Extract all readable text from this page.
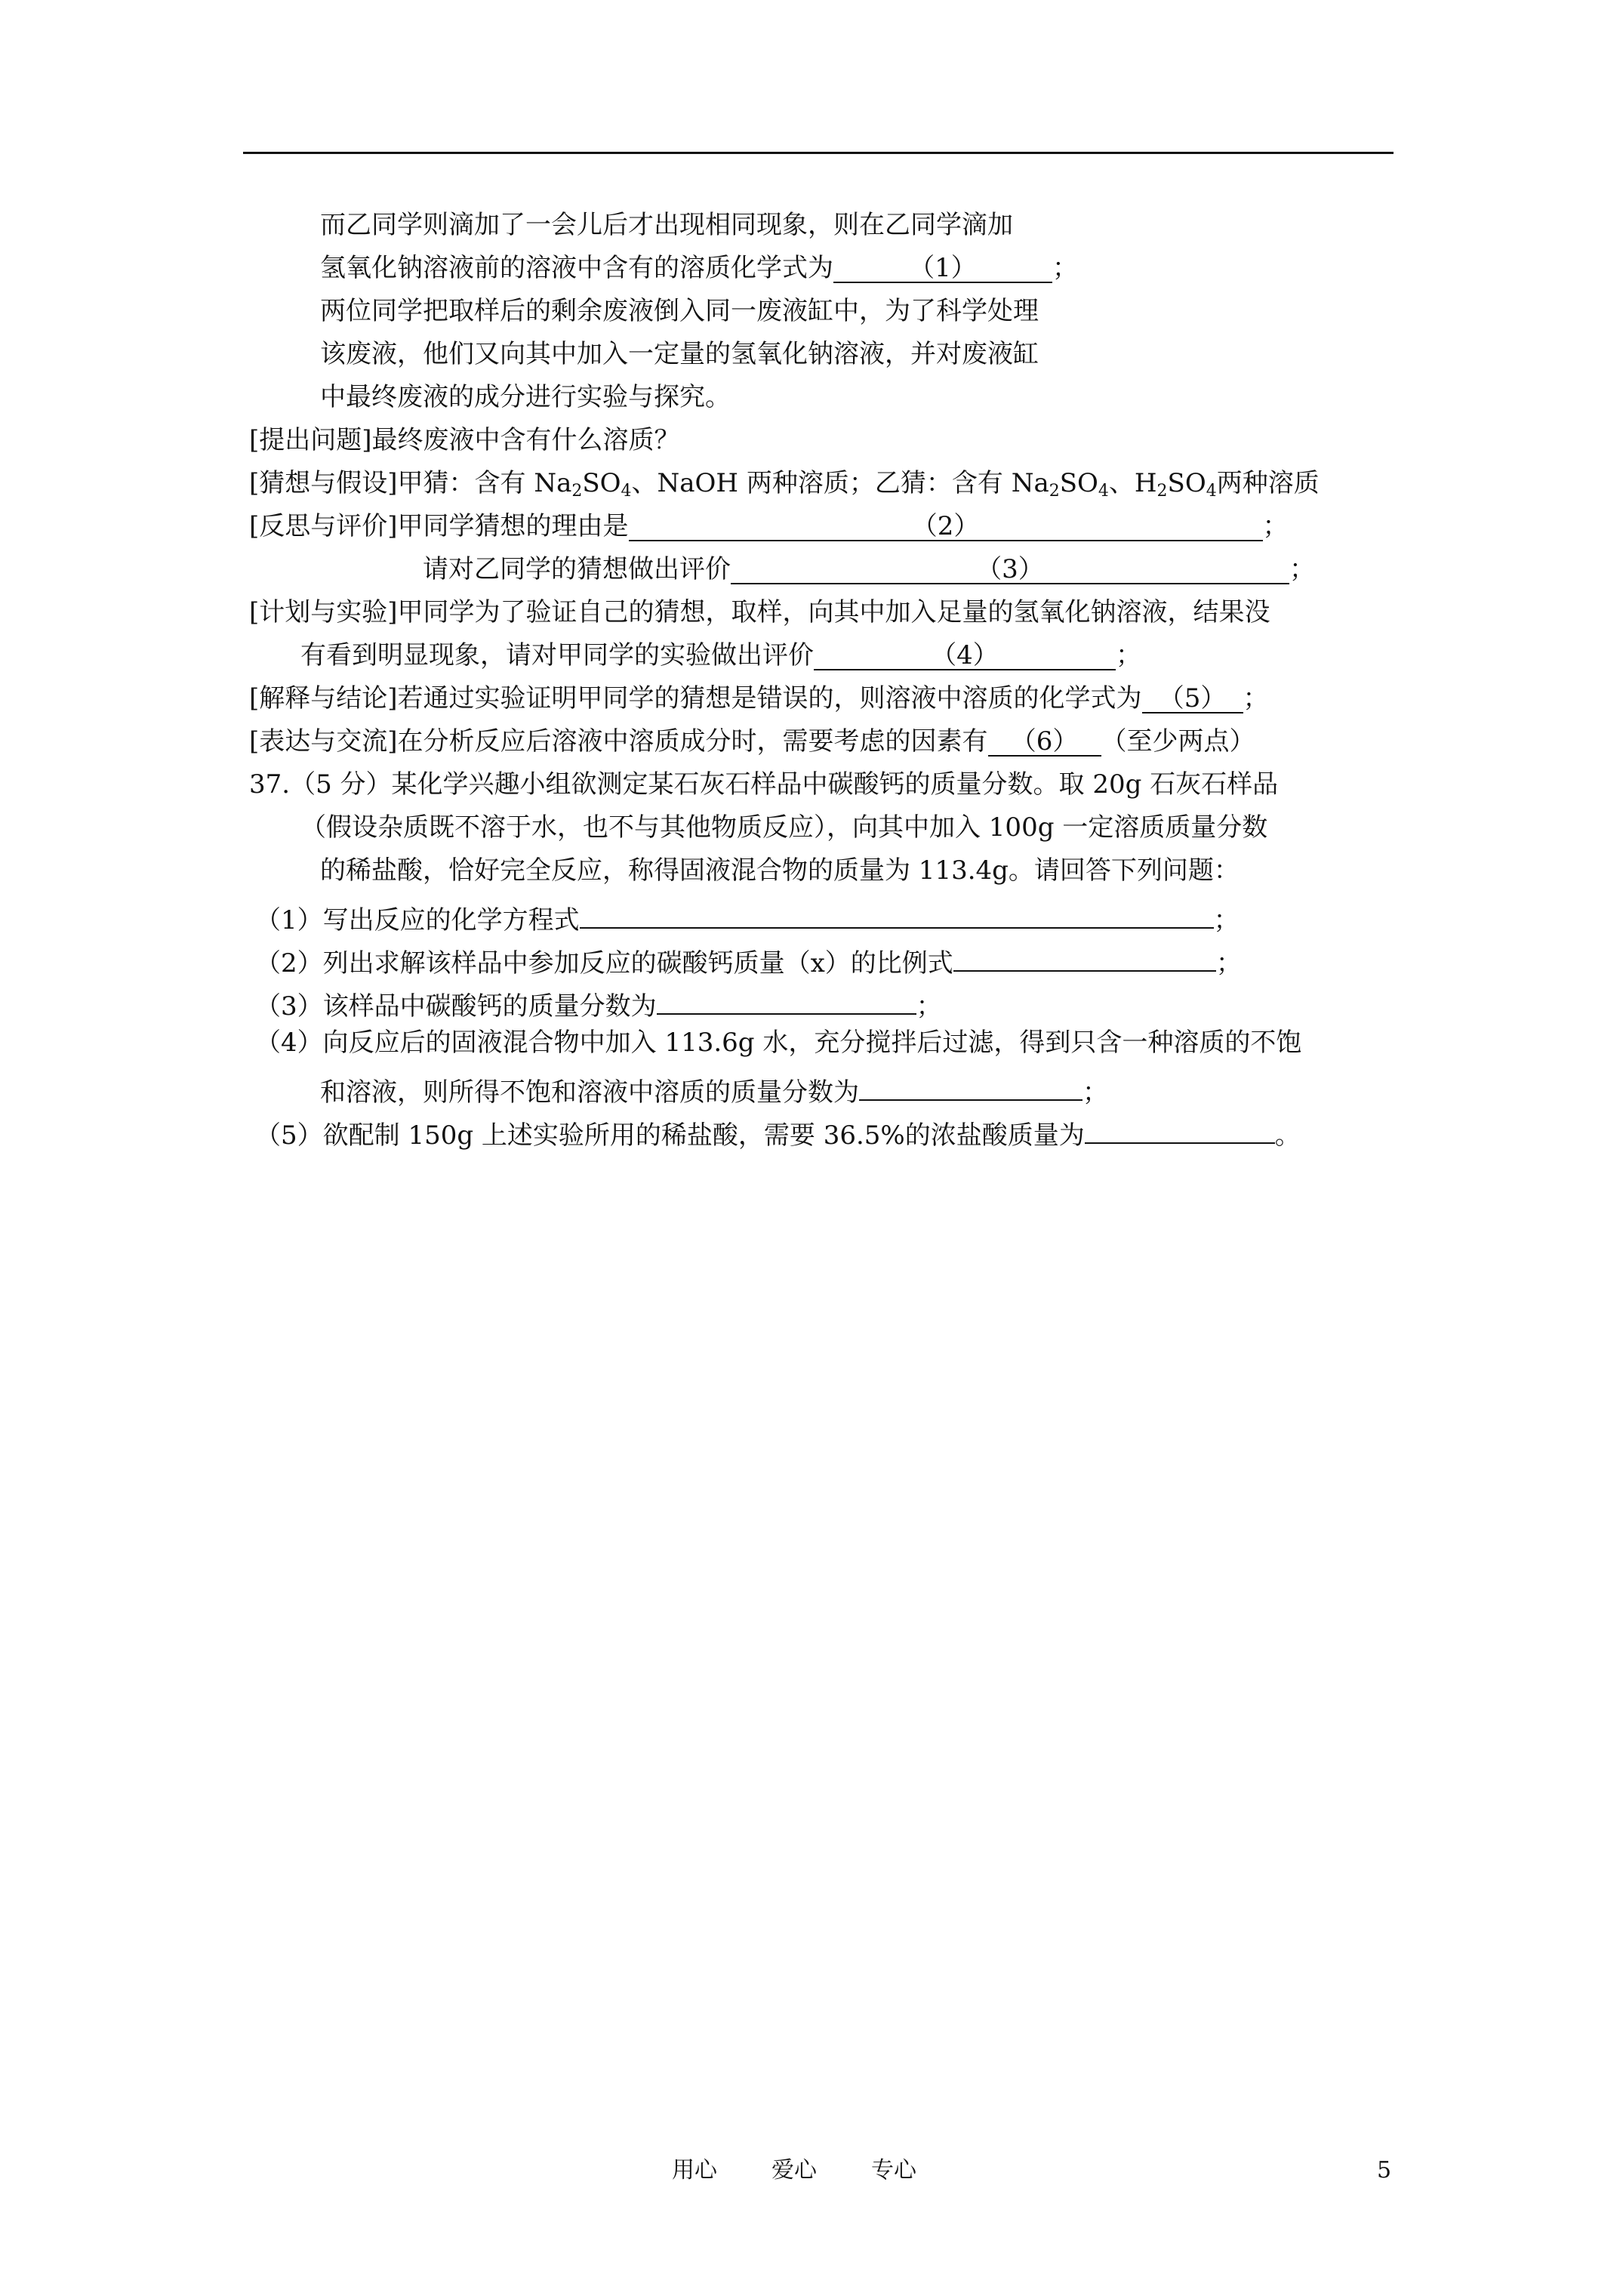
而乙同学则滴加了一会儿后才出现相同现象，则在乙同学滴加
氢氧化钠溶液前的溶液中含有的溶质化学式为	（1）	；
两位同学把取样后的剩余废液倒入同一废液缸中，为了科学处理
该废液，他们又向其中加入一定量的氢氧化钠溶液，并对废液缸
中最终废液的成分进行实验与探究。
[提出问题]最终废液中含有什么溶质？
[猜想与假设]甲猜：含有 $Na_2SO_4$、NaOH 两种溶质；乙猜：含有 $Na_2SO_4$、$H_2SO_4$两种溶质
[反思与评价]甲同学猜想的理由是	（2）	；
请对乙同学的猜想做出评价	（3）	；
[计划与实验]甲同学为了验证自己的猜想，取样，向其中加入足量的氢氧化钠溶液，结果没
有看到明显现象，请对甲同学的实验做出评价	（4）	；
[解释与结论]若通过实验证明甲同学的猜想是错误的，则溶液中溶质的化学式为 （5） ；
[表达与交流]在分析反应后溶液中溶质成分时，需要考虑的因素有 （6） （至少两点）
37.（5 分）某化学兴趣小组欲测定某石灰石样品中碳酸钙的质量分数。取 20g 石灰石样品
（假设杂质既不溶于水，也不与其他物质反应），向其中加入 100g 一定溶质质量分数
的稀盐酸，恰好完全反应，称得固液混合物的质量为 113.4g。请回答下列问题：
（1）写出反应的化学方程式	；
（2）列出求解该样品中参加反应的碳酸钙质量（x）的比例式	；
（3）该样品中碳酸钙的质量分数为	；
（4）向反应后的固液混合物中加入 113.6g 水，充分搅拌后过滤，得到只含一种溶质的不饱
和溶液，则所得不饱和溶液中溶质的质量分数为	；
（5）欲配制 150g 上述实验所用的稀盐酸，需要 36.5%的浓盐酸质量为	。
用心 爱心 专心	5
